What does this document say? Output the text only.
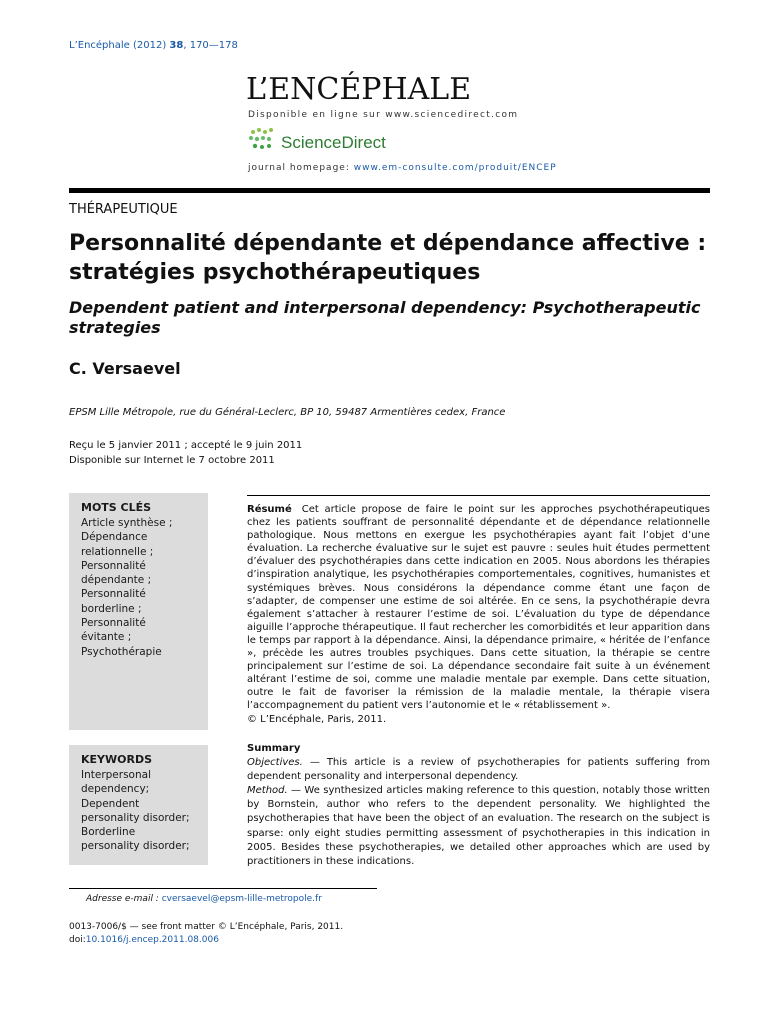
L’Encéphale (2012) 38, 170—178
L’ENCÉPHALE
Disponible en ligne sur www.sciencedirect.com
ScienceDirect
journal homepage: www.em-consulte.com/produit/ENCEP
THÉRAPEUTIQUE
Personnalité dépendante et dépendance affective :
stratégies psychothérapeutiques
Dependent patient and interpersonal dependency: Psychotherapeutic
strategies
C. Versaevel
EPSM Lille Métropole, rue du Général-Leclerc, BP 10, 59487 Armentières cedex, France
Reçu le 5 janvier 2011 ; accepté le 9 juin 2011
Disponible sur Internet le 7 octobre 2011
MOTS CLÉS
Article synthèse ;
Dépendance
relationnelle ;
Personnalité
dépendante ;
Personnalité
borderline ;
Personnalité
évitante ;
Psychothérapie
KEYWORDS
Interpersonal
dependency;
Dependent
personality disorder;
Borderline
personality disorder;
Résumé Cet article propose de faire le point sur les approches psychothérapeutiques chez les patients souffrant de personnalité dépendante et de dépendance relationnelle pathologique. Nous mettons en exergue les psychothérapies ayant fait l’objet d’une évaluation. La recherche évaluative sur le sujet est pauvre : seules huit études permettent d’évaluer des psychothérapies dans cette indication en 2005. Nous abordons les thérapies d’inspiration analytique, les psychothérapies comportementales, cognitives, humanistes et systémiques brèves. Nous considérons la dépendance comme étant une façon de s’adapter, de compenser une estime de soi altérée. En ce sens, la psychothérapie devra également s’attacher à restaurer l’estime de soi. L’évaluation du type de dépendance aiguille l’approche thérapeutique. Il faut rechercher les comorbidités et leur apparition dans le temps par rapport à la dépendance. Ainsi, la dépendance primaire, « héritée de l’enfance », précède les autres troubles psychiques. Dans cette situation, la thérapie se centre principalement sur l’estime de soi. La dépendance secondaire fait suite à un événement altérant l’estime de soi, comme une maladie mentale par exemple. Dans cette situation, outre le fait de favoriser la rémission de la maladie mentale, la thérapie visera l’accompagnement du patient vers l’autonomie et le « rétablissement ».
© L’Encéphale, Paris, 2011.
Summary
Objectives. — This article is a review of psychotherapies for patients suffering from dependent personality and interpersonal dependency.
Method. — We synthesized articles making reference to this question, notably those written by Bornstein, author who refers to the dependent personality. We highlighted the psychotherapies that have been the object of an evaluation. The research on the subject is sparse: only eight studies permitting assessment of psychotherapies in this indication in 2005. Besides these psychotherapies, we detailed other approaches which are used by practitioners in these indications.
Adresse e-mail : cversaevel@epsm-lille-metropole.fr
0013-7006/$ — see front matter © L’Encéphale, Paris, 2011.
doi:10.1016/j.encep.2011.08.006
